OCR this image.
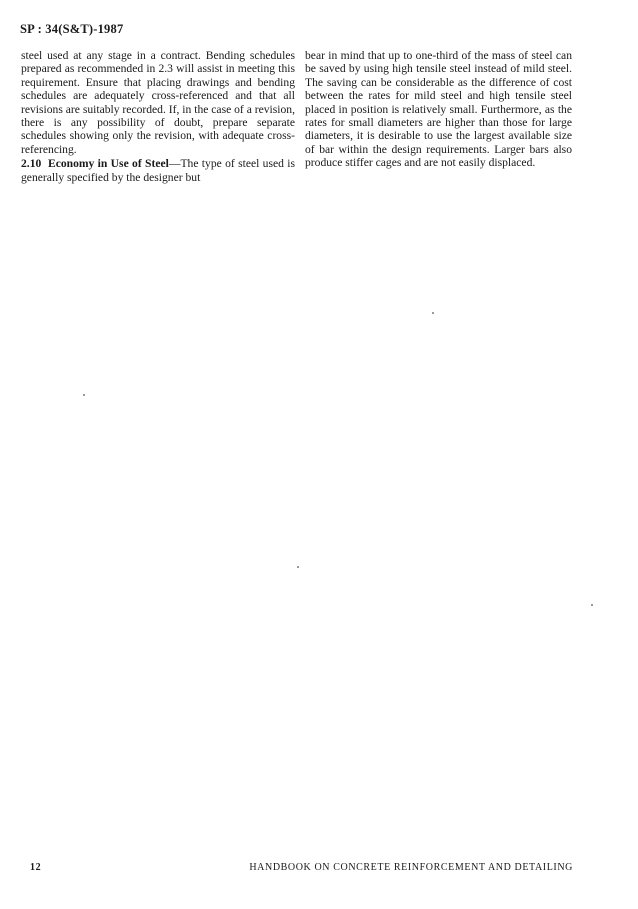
SP : 34(S&T)-1987

steel used at any stage in a contract. Bending schedules prepared as recommended in 2.3 will assist in meeting this requirement. Ensure that placing drawings and bending schedules are adequately cross-referenced and that all revisions are suitably recorded. If, in the case of a revision, there is any possibility of doubt, prepare separate schedules showing only the revision, with adequate cross-referencing.

2.10 Economy in Use of Steel—The type of steel used is generally specified by the designer but

bear in mind that up to one-third of the mass of steel can be saved by using high tensile steel instead of mild steel. The saving can be considerable as the difference of cost between the rates for mild steel and high tensile steel placed in position is relatively small. Furthermore, as the rates for small diameters are higher than those for large diameters, it is desirable to use the largest available size of bar within the design requirements. Larger bars also produce stiffer cages and are not easily displaced.

12	HANDBOOK ON CONCRETE REINFORCEMENT AND DETAILING
